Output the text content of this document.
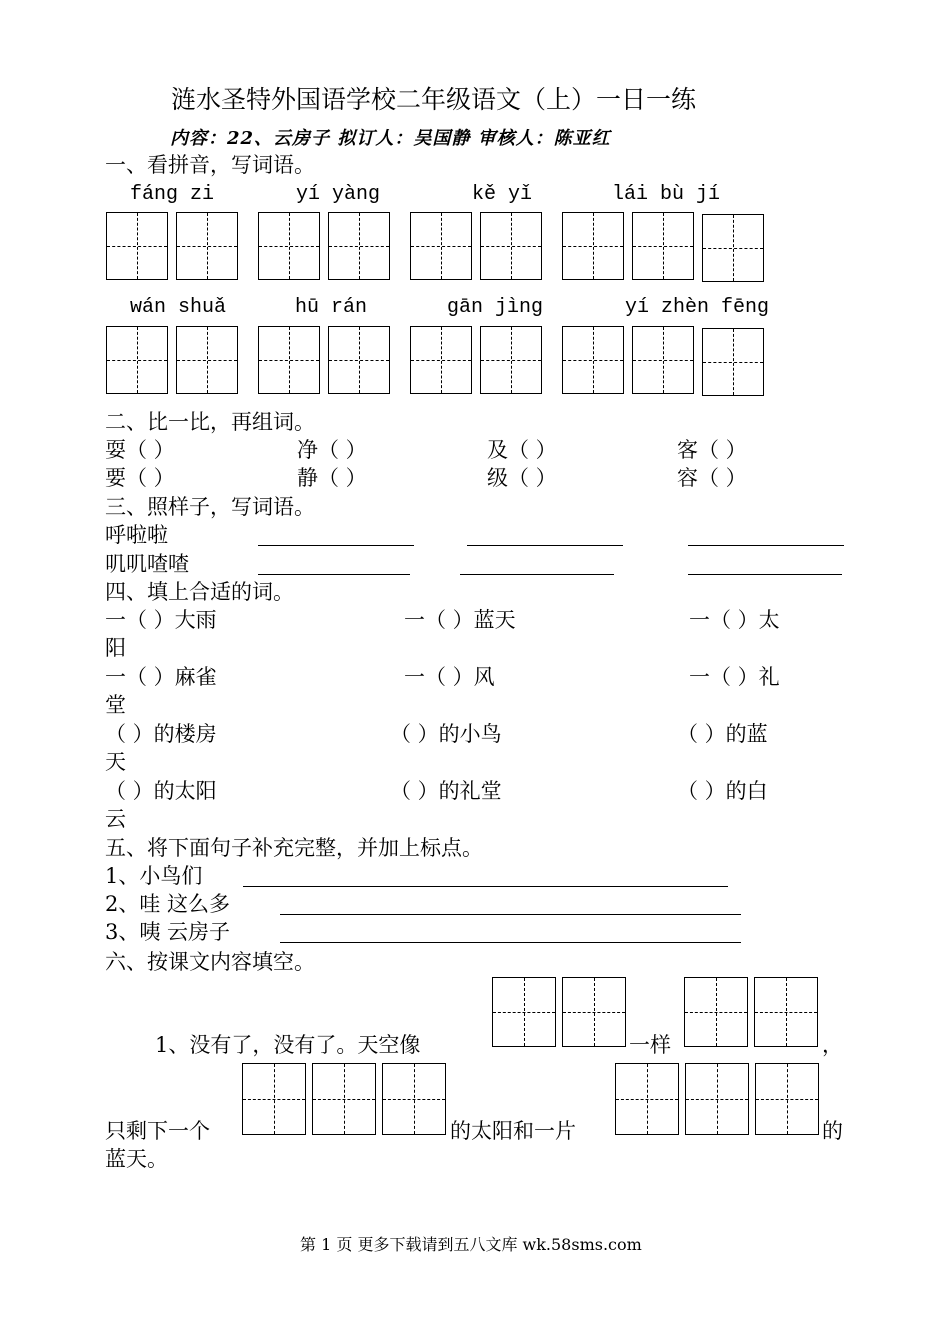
涟水圣特外国语学校二年级语文（上）一日一练
内容：22、云房子 拟订人：吴国静 审核人：陈亚红
一、看拼音，写词语。
fáng zi	yí yàng	kě yǐ	lái bù jí
wán shuǎ	hū rán	gān jìng	yí zhèn fēng
二、比一比，再组词。
耍（ ）	净（ ）	及（ ）	客（ ）
要（ ）	静（ ）	级（ ）	容（ ）
三、照样子，写词语。
呼啦啦
叽叽喳喳
四、填上合适的词。
一（ ）大雨	一（ ）蓝天	一（ ）太
阳
一（ ）麻雀	一（ ）风	一（ ）礼
堂
（ ）的楼房	（ ）的小鸟	（ ）的蓝
天
（ ）的太阳	（ ）的礼堂	（ ）的白
云
五、将下面句子补充完整，并加上标点。
1、小鸟们
2、哇 这么多
3、咦 云房子
六、按课文内容填空。
1、没有了，没有了。天空像	一样	，
只剩下一个	的太阳和一片	的
蓝天。
第 1 页 更多下载请到五八文库 wk.58sms.com
